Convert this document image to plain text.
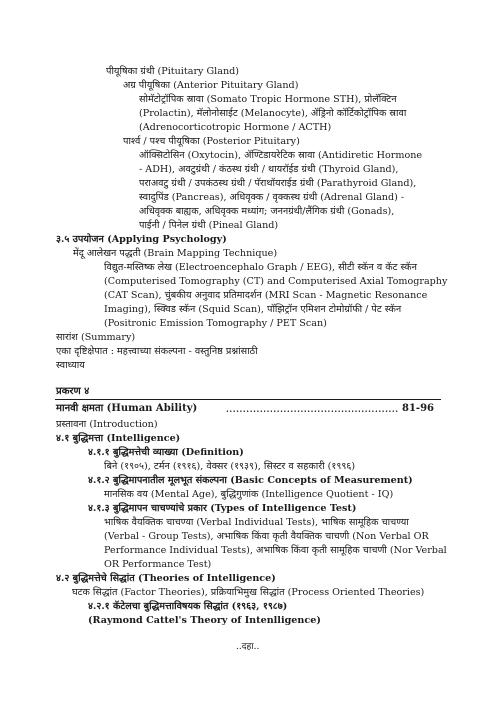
पीयूषिका ग्रंथी (Pituitary Gland)
अग्र पीयूषिका (Anterior Pituitary Gland)
सोमॅटोट्रॉपिक स्रावा (Somato Tropic Hormone STH), प्रोलॅक्टिन
(Prolactin), मॅलोनोसाईट (Melanocyte), ॲड्रिनो कॉर्टिकोट्रॉपिक स्रावा
(Adrenocorticotropic Hormone / ACTH)
पार्श्व / पश्च पीयूषिका (Posterior Pituitary)
ऑक्सिटोसिन (Oxytocin), ॲण्टिडायरेटिक स्रावा (Antidiretic Hormone
- ADH), अवटुग्रंथी / कंठस्थ ग्रंथी / थायरॉईड ग्रंथी (Thyroid Gland),
पराअवटु ग्रंथी / उपकंठस्थ ग्रंथी / पॅराथॉयराईड ग्रंथी (Parathyroid Gland),
स्वादुपिंड (Pancreas), अधिवृक्क / वृक्कस्थ ग्रंथी (Adrenal Gland) -
अधिवृक्क बाह्यक, अधिवृक्क मध्यांग; जननग्रंथी/लैंगिक ग्रंथी (Gonads),
पाईनी / पिनेल ग्रंथी (Pineal Gland)
३.५ उपयोजन (Applying Psychology)
मेंदू आलेखन पद्धती (Brain Mapping Technique)
विद्युत-मस्तिष्क लेख (Electroencephalo Graph / EEG), सीटी स्कॅन व कॅट स्कॅन
(Computerised Tomography (CT) and Computerised Axial Tomography
(CAT Scan), चुंबकीय अनुवाद प्रतिमादर्शन (MRI Scan - Magnetic Resonance
Imaging), स्क्विड स्कॅन (Squid Scan), पॉझिट्रॉन एमिशन टोमोग्रॉफी / पेट स्कॅन
(Positronic Emission Tomography / PET Scan)
सारांश (Summary)
एका दृष्टिक्षेपात : महत्त्वाच्या संकल्पना - वस्तुनिष्ठ प्रश्नांसाठी
स्वाध्याय
प्रकरण ४
मानवी क्षमता (Human Ability)	................................................... 81-96
प्रस्तावना (Introduction)
४.१ बुद्धिमत्ता (Intelligence)
४.१.१ बुद्धिमत्तेची व्याख्या (Definition)
बिने (१९०५), टर्मन (१९१६), वेक्सर (१९३९), सिस्टर व सहकारी (१९९६)
४.१.२ बुद्धिमापनातील मूलभूत संकल्पना (Basic Concepts of Measurement)
मानसिक वय (Mental Age), बुद्धिगुणांक (Intelligence Quotient - IQ)
४.१.३ बुद्धिमापन चाचण्यांचे प्रकार (Types of Intelligence Test)
भाषिक वैयक्तिक चाचण्या (Verbal Individual Tests), भाषिक सामूहिक चाचण्या
(Verbal - Group Tests), अभाषिक किंवा कृती वैयक्तिक चाचणी (Non Verbal OR
Performance Individual Tests), अभाषिक किंवा कृती सामूहिक चाचणी (Nor Verbal
OR Performance Test)
४.२ बुद्धिमत्तेचे सिद्धांत (Theories of Intelligence)
घटक सिद्धांत (Factor Theories), प्रक्रियाभिमुख सिद्धांत (Process Oriented Theories)
४.२.१ कॅटेलचा बुद्धिमत्ताविषयक सिद्धांत (१९६३, १९८७)
(Raymond Cattel's Theory of Intenlligence)
..दहा..
